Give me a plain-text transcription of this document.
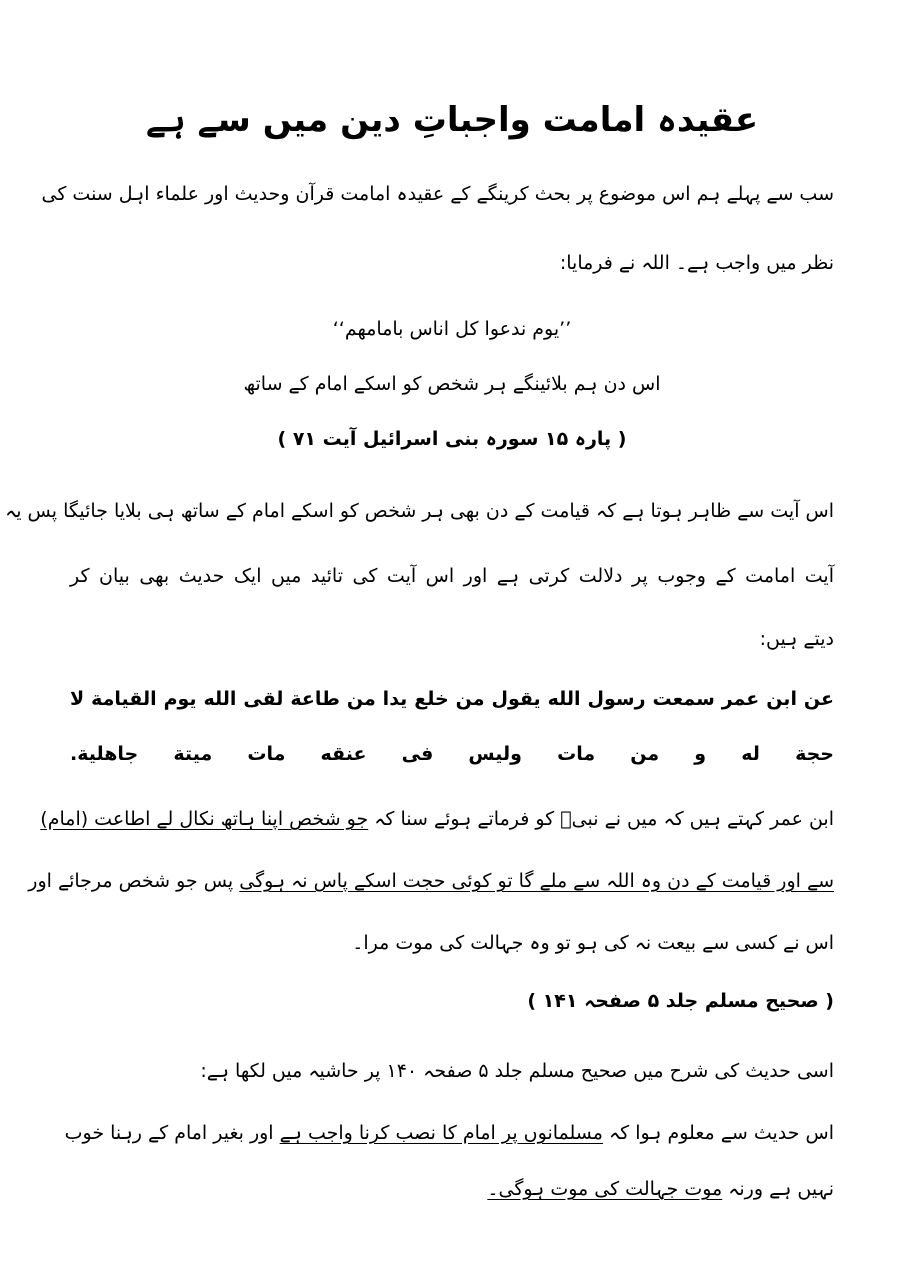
عقیدہ امامت واجباتِ دین میں سے ہے
سب سے پہلے ہم اس موضوع پر بحث کرینگے کے عقیدہ امامت قرآن وحدیث اور علماء اہل سنت کی
نظر میں واجب ہے۔ اللہ نے فرمایا:
’’یوم ندعوا کل اناس بامامھم‘‘
اس دن ہم بلائینگے ہر شخص کو اسکے امام کے ساتھ
( پارہ ۱۵ سورہ بنی اسرائیل آیت ۷۱ )
اس آیت سے ظاہر ہوتا ہے کہ قیامت کے دن بھی ہر شخص کو اسکے امام کے ساتھ ہی بلایا جائیگا پس یہ
آیت امامت کے وجوب پر دلالت کرتی ہے اور اس آیت کی تائید میں ایک حدیث بھی بیان کر
دیتے ہیں:
عن ابن عمر سمعت رسول الله يقول من خلع يدا من طاعة لقى الله يوم القيامة لا
حجة له و من مات وليس فى عنقه مات ميتة جاهلية.
ابن عمر کہتے ہیں کہ میں نے نبیؐ کو فرماتے ہوئے سنا کہ جو شخص اپنا ہاتھ نکال لے اطاعت (امام)
سے اور قیامت کے دن وہ اللہ سے ملے گا تو کوئی حجت اسکے پاس نہ ہوگی پس جو شخص مرجائے اور
اس نے کسی سے بیعت نہ کی ہو تو وہ جہالت کی موت مرا۔
( صحیح مسلم جلد ۵ صفحہ ۱۴۱ )
اسی حدیث کی شرح میں صحیح مسلم جلد ۵ صفحہ ۱۴۰ پر حاشیہ میں لکھا ہے:
اس حدیث سے معلوم ہوا کہ مسلمانوں پر امام کا نصب کرنا واجب ہے اور بغیر امام کے رہنا خوب
نہیں ہے ورنہ موت جہالت کی موت ہوگی۔
